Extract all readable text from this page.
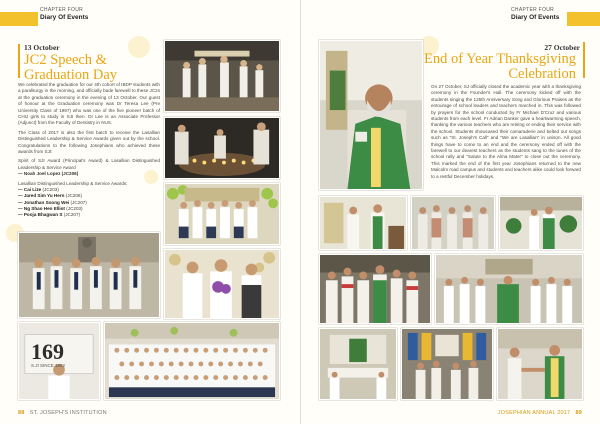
CHAPTER FOUR
Diary Of Events
13 October
JC2 Speech & Graduation Day

We celebrated the graduation for our 4th cohort of IBDP students with a paraliturgy in the morning, and officially bade farewell to these JC2s at the graduation ceremony in the evening of 13 October. Our guest of honour at the Graduation ceremony was Dr Teresa Lee (Pre University Class of 1997) who was one of the five pioneer batch of CHIJ girls to study in SJI then. Dr Lee is an Associate Professor (Adjunct) from the Faculty of Dentistry in NUS.

The Class of 2017 is also the first batch to receive the Lasallian Distinguished Leadership & Service Awards given out by the school. Congratulations to the following Josephians who achieved these awards from SJI:

Spirit of SJI Award (Principal's Award) & Lasallian Distinguished Leadership & Service Award

— Noah Joel Lopez (JC206)

Lasallian Distinguished Leadership & Service Awards:

— Cai Lize (JC203)
— Jared Sim Yu Hern (JC206)
— Jonathan Soong Wei (JC207)
— Ng Shao Hen Elliot (JC203)
— Pooja Bhagwan S (JC207)
169
S.JI SINCE 1852
88 ST. JOSEPH'S INSTITUTION
CHAPTER FOUR
Diary Of Events
27 October
End of Year Thanksgiving Celebration

On 27 October, SJ officially closed the academic year with a thanksgiving ceremony in the Founder's Hall. The ceremony kicked off with the students singing the 125th Anniversary Song and Glorious Praises as the entourage of school leaders and teachers marched in. This was followed by prayers for the school conducted by Fr Michael D'Cruz and various students from each level. Fr Adrian Danker gave a heartwarming speech, thanking the various teachers who are retiring or ending their service with the school. Students showcased their camaraderie and belted out songs such as "St. Joseph's Call" and "We are Lasallian" in unison. All good things have to come to an end and the ceremony ended off with the farewell to our dearest teachers as the students sang to the tunes of the school rally and "Salute to the Alma Mater" to close out the ceremony. This marked the end of the first year Josephians returned to the new Malcolm road campus and students and teachers alike could look forward to a restful December holidays.

JOSEPHIAN ANNUAL 2017 89
